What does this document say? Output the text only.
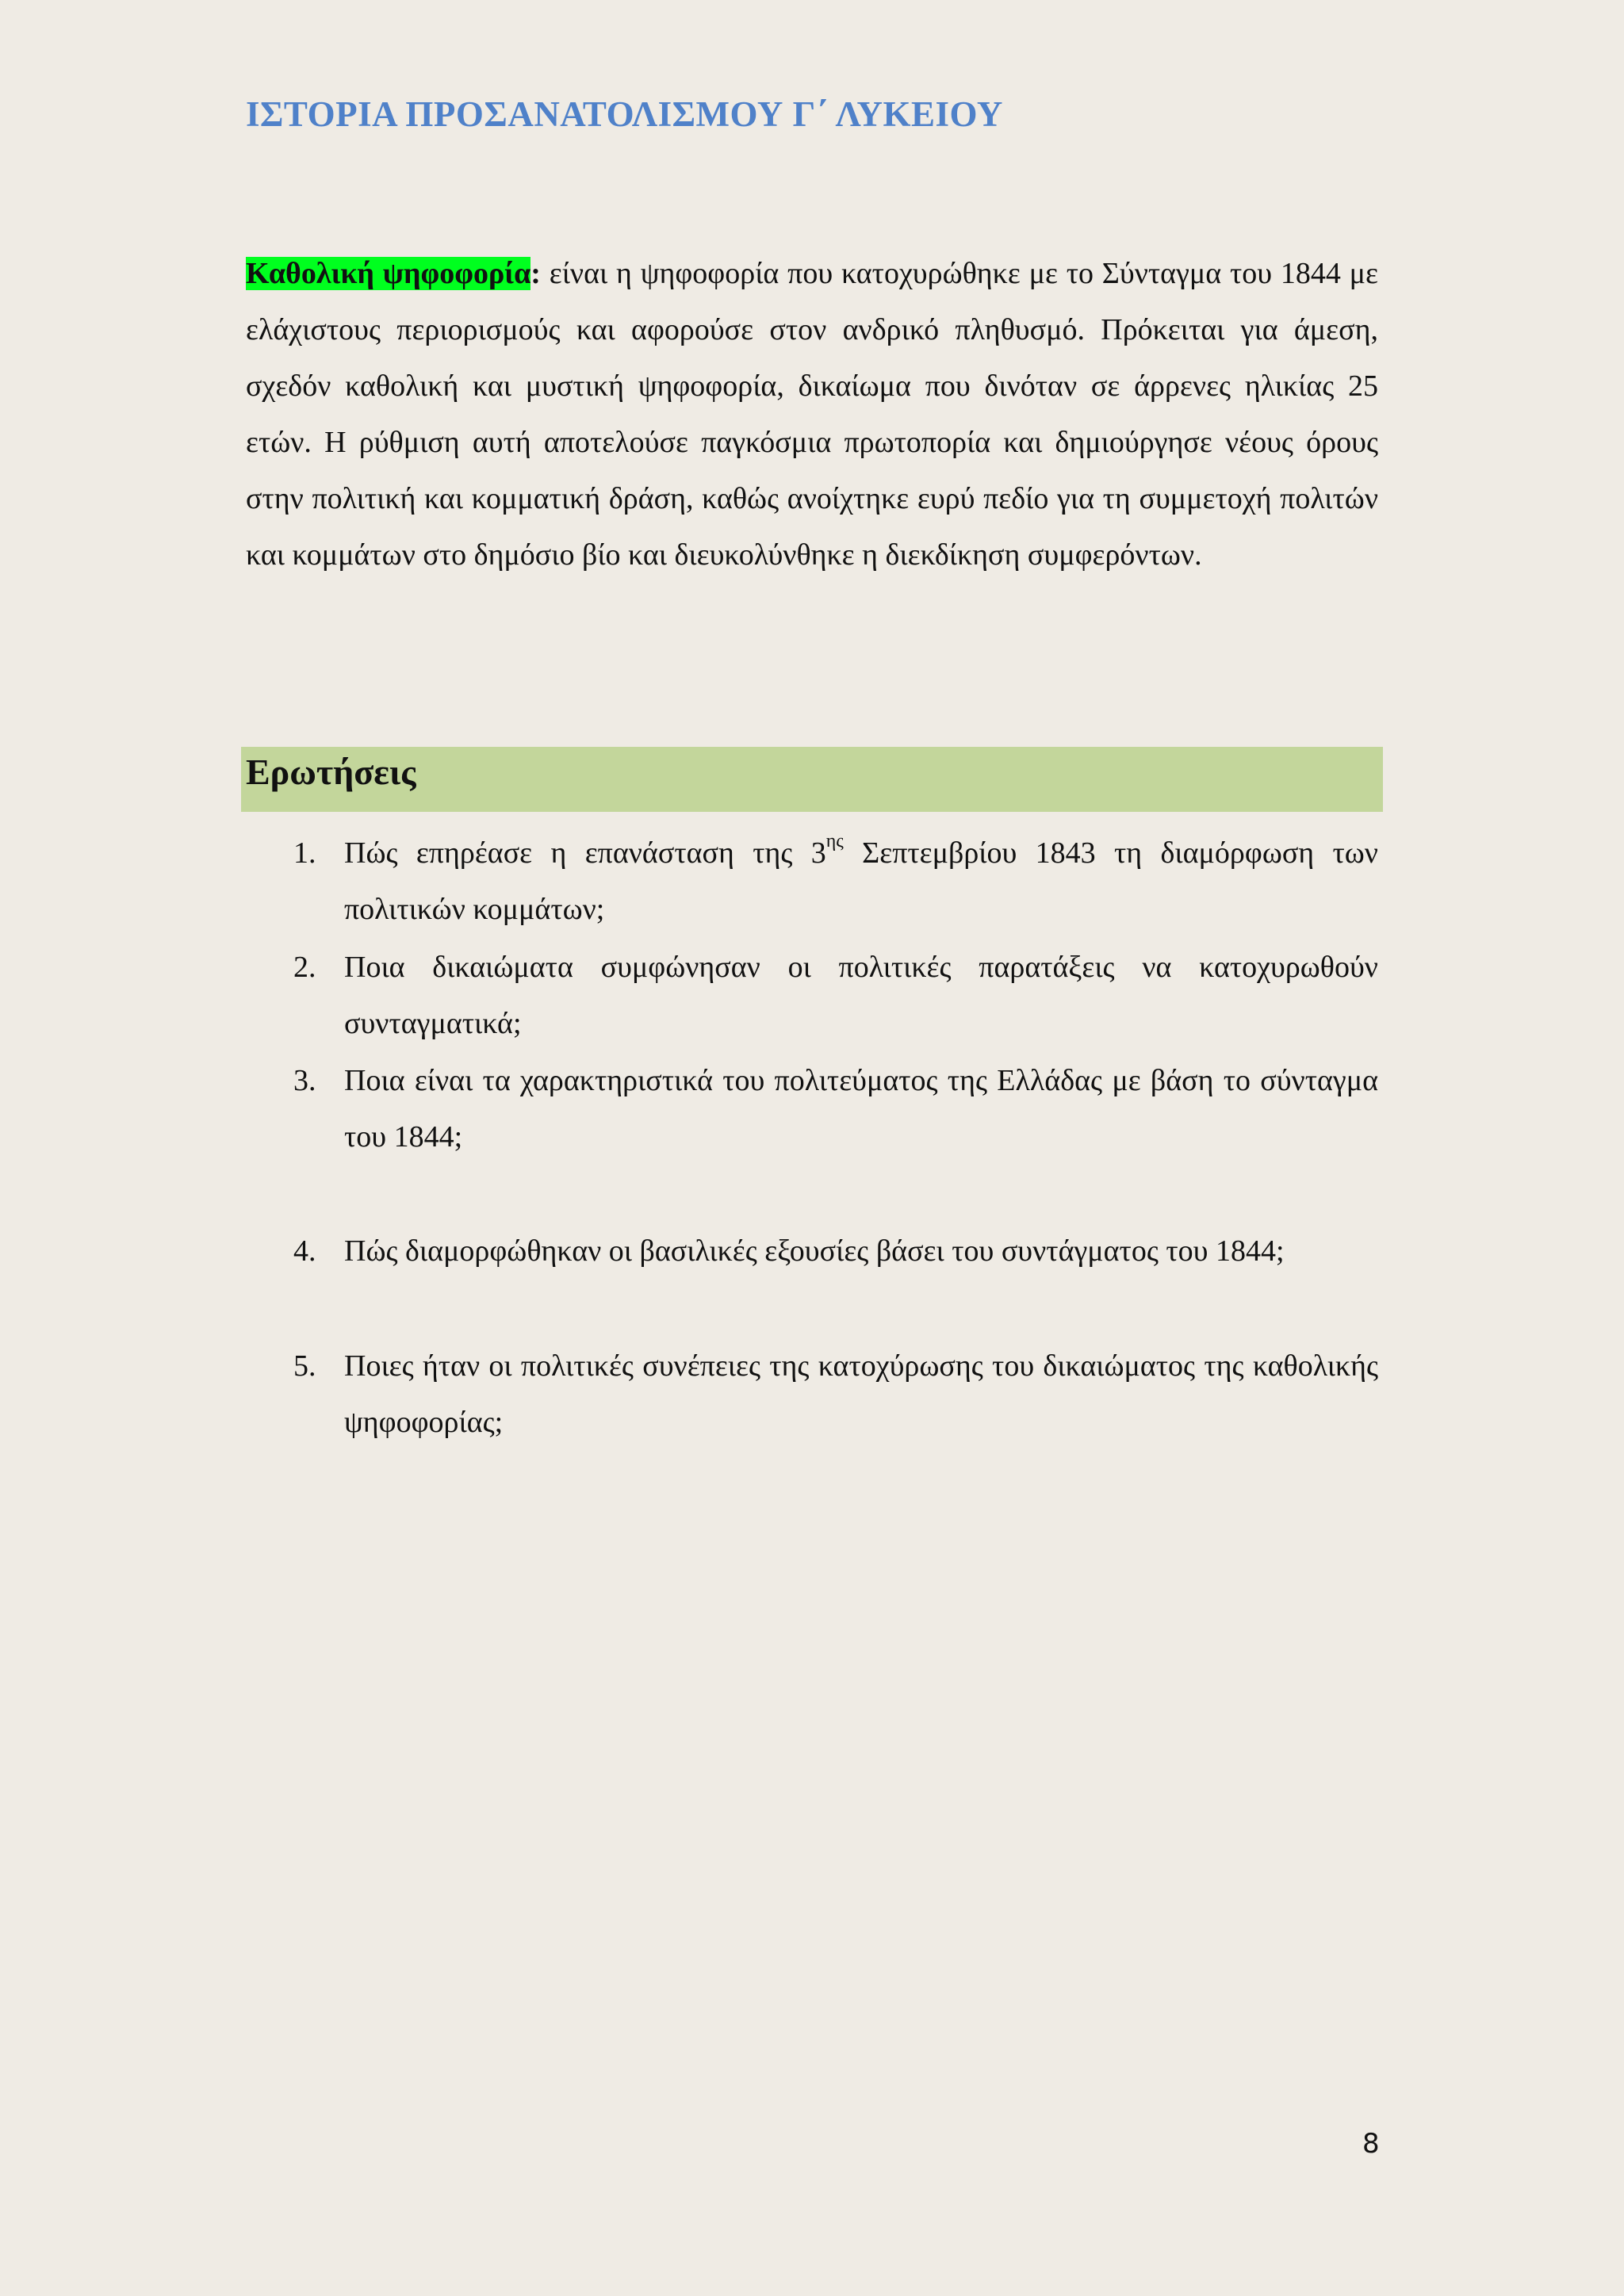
ΙΣΤΟΡΙΑ ΠΡΟΣΑΝΑΤΟΛΙΣΜΟΥ Γ΄ ΛΥΚΕΙΟΥ

Καθολική ψηφοφορία: είναι η ψηφοφορία που κατοχυρώθηκε με το Σύνταγμα του 1844 με ελάχιστους περιορισμούς και αφορούσε στον ανδρικό πληθυσμό. Πρόκειται για άμεση, σχεδόν καθολική και μυστική ψηφοφορία, δικαίωμα που δινόταν σε άρρενες ηλικίας 25 ετών. Η ρύθμιση αυτή αποτελούσε παγκόσμια πρωτοπορία και δημιούργησε νέους όρους στην πολιτική και κομματική δράση, καθώς ανοίχτηκε ευρύ πεδίο για τη συμμετοχή πολιτών και κομμάτων στο δημόσιο βίο και διευκολύνθηκε η διεκδίκηση συμφερόντων.

Ερωτήσεις
1. Πώς επηρέασε η επανάσταση της $3^{\eta\varsigma}$ Σεπτεμβρίου 1843 τη διαμόρφωση των πολιτικών κομμάτων;
2. Ποια δικαιώματα συμφώνησαν οι πολιτικές παρατάξεις να κατοχυρωθούν συνταγματικά;
3. Ποια είναι τα χαρακτηριστικά του πολιτεύματος της Ελλάδας με βάση το σύνταγμα του 1844;
4. Πώς διαμορφώθηκαν οι βασιλικές εξουσίες βάσει του συντάγματος του 1844;
5. Ποιες ήταν οι πολιτικές συνέπειες της κατοχύρωσης του δικαιώματος της καθολικής ψηφοφορίας;
8
